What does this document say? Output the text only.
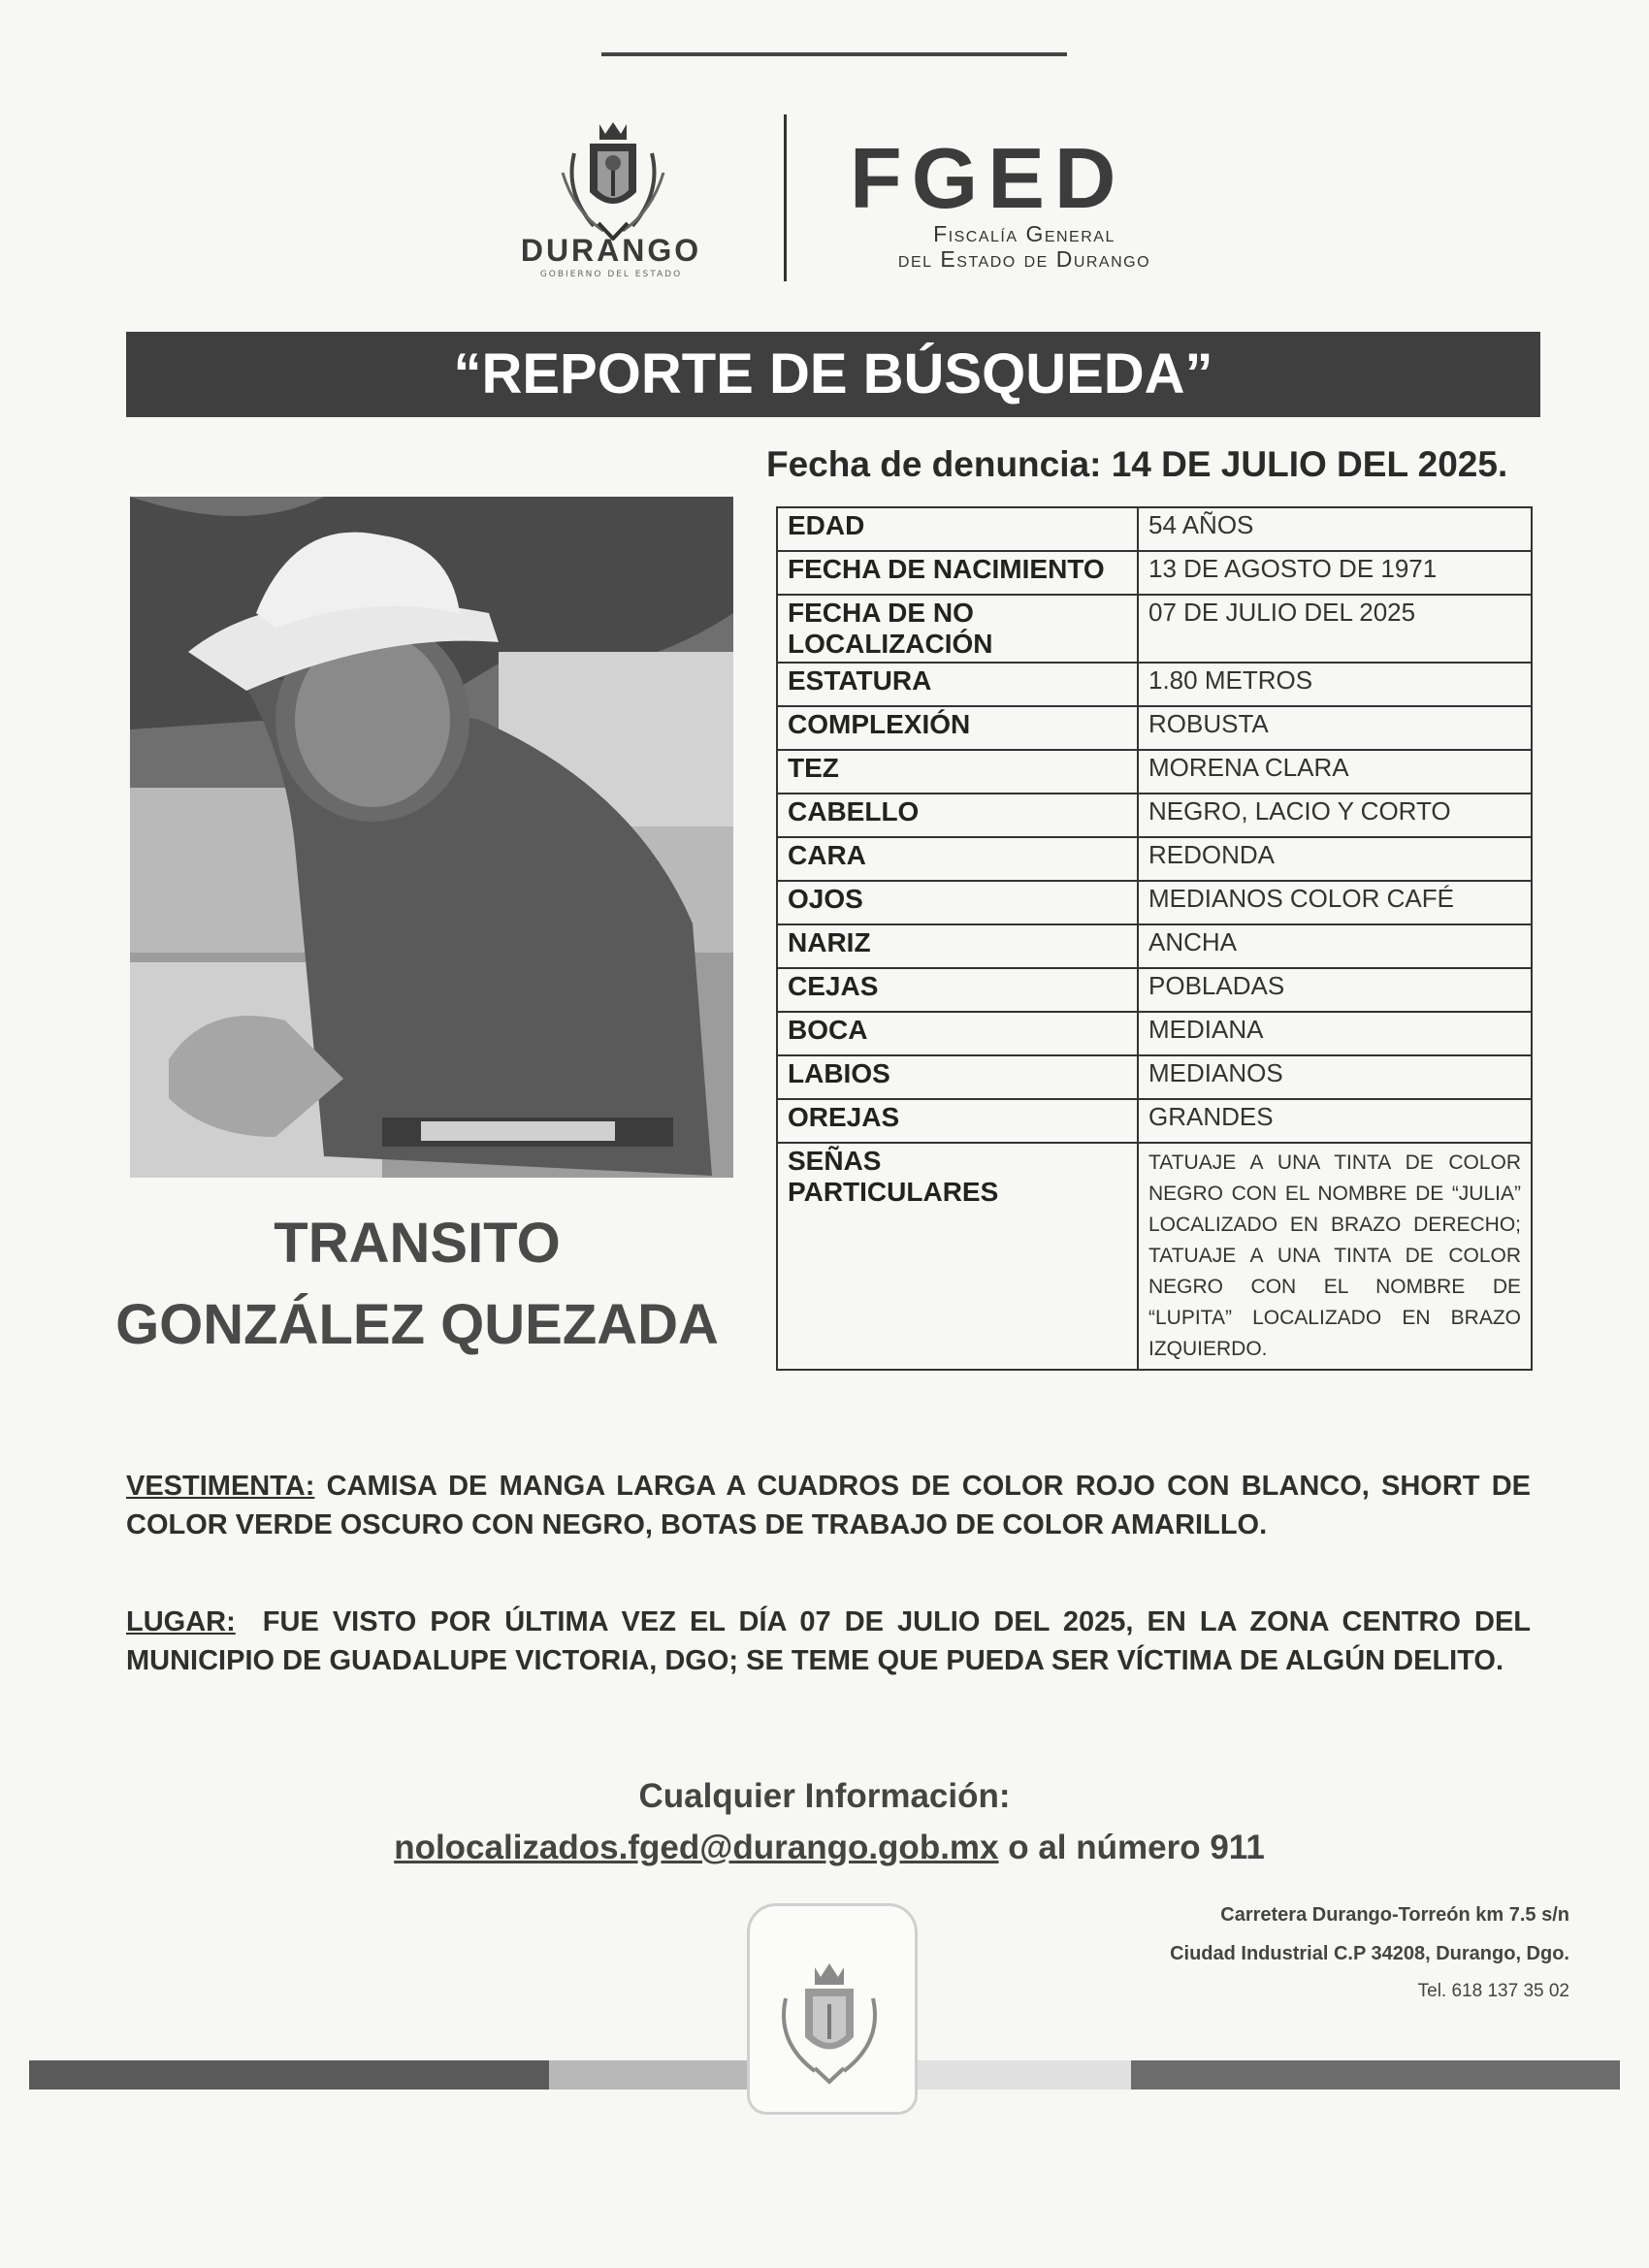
DURANGO
GOBIERNO DEL ESTADO
FGED
Fiscalía General
del Estado de Durango
“REPORTE DE BÚSQUEDA”
Fecha de denuncia: 14 DE JULIO DEL 2025.
TRANSITO
GONZÁLEZ QUEZADA
EDAD	54 AÑOS
FECHA DE NACIMIENTO	13 DE AGOSTO DE 1971

FECHA DE NO
LOCALIZACIÓN	07 DE JULIO DEL 2025
ESTATURA	1.80 METROS
COMPLEXIÓN	ROBUSTA
TEZ	MORENA CLARA
CABELLO	NEGRO, LACIO Y CORTO
CARA	REDONDA
OJOS	MEDIANOS COLOR CAFÉ
NARIZ	ANCHA
CEJAS	POBLADAS
BOCA	MEDIANA
LABIOS	MEDIANOS
OREJAS	GRANDES

SEÑAS
PARTICULARES	TATUAJE A UNA TINTA DE COLOR NEGRO CON EL NOMBRE DE “JULIA” LOCALIZADO EN BRAZO DERECHO; TATUAJE A UNA TINTA DE COLOR NEGRO CON EL NOMBRE DE “LUPITA” LOCALIZADO EN BRAZO IZQUIERDO.
VESTIMENTA: CAMISA DE MANGA LARGA A CUADROS DE COLOR ROJO CON BLANCO, SHORT DE COLOR VERDE OSCURO CON NEGRO, BOTAS DE TRABAJO DE COLOR AMARILLO.
LUGAR:  FUE VISTO POR ÚLTIMA VEZ EL DÍA 07 DE JULIO DEL 2025, EN LA ZONA CENTRO DEL MUNICIPIO DE GUADALUPE VICTORIA, DGO; SE TEME QUE PUEDA SER VÍCTIMA DE ALGÚN DELITO.
Cualquier Información:
nolocalizados.fged@durango.gob.mx o al número 911
Carretera Durango-Torreón km 7.5 s/n
Ciudad Industrial C.P 34208, Durango, Dgo.
Tel. 618 137 35 02
